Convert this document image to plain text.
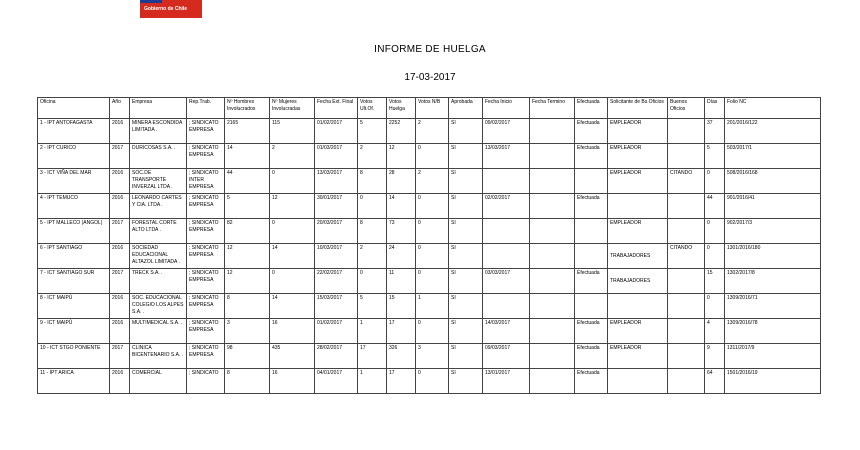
Gobierno de Chile
INFORME DE HUELGA
17-03-2017
Oficina	Año	Empresa	Rep.Trab.	Nº Hombres Involucrados	Nº Mujeres Involucradas	Fecha Ext. Final	Votos Ult.Of.	Votos Huelga	Votos N/B	Aprobada	Fecha Inicio	Fecha Termino	Efectuada	Solicitante de Bs.Oficios	Buenos Oficios	Días	Folio NC
1 - IPT ANTOFAGASTA	2016	MINERA ESCONDIDA LIMITADA .	; SINDICATO EMPRESA	2165	115	01/02/2017	5	2252	2	SI	09/02/2017		Efectuada	EMPLEADOR		37	201/2016/122
2 - IPT CURICO	2017	DURICOSAS S.A. .	; SINDICATO EMPRESA	14	2	01/03/2017	2	12	0	SI	13/03/2017		Efectuada	EMPLEADOR		5	503/2017/1
3 - ICT VIÑA DEL MAR	2016	SOC.DE TRANSPORTE INVERZAL LTDA .	; SINDICATO INTER EMPRESA	44	0	13/03/2017	8	28	2	SI				EMPLEADOR	CITANDO	0	508/2016/168
4 - IPT TEMUCO	2016	LEONARDO CARTES Y CIA. LTDA .	; SINDICATO EMPRESA	5	12	30/01/2017	0	14	0	SI	02/02/2017		Efectuada			44	901/2016/41
5 - IPT MALLECO (ANGOL)	2017	FORESTAL CORTE ALTO LTDA .	; SINDICATO EMPRESA	82	0	20/03/2017	8	73	0	SI				EMPLEADOR		0	902/2017/3
6 - IPT SANTIAGO	2016	SOCIEDAD EDUCACIONAL ALTAZOL LIMITADA .	; SINDICATO EMPRESA	12	14	10/03/2017	2	24	0	SI				TRABAJADORES	CITANDO	0	1301/2016/180
7 - ICT SANTIAGO SUR	2017	TRECK S.A. .	; SINDICATO EMPRESA	12	0	22/02/2017	0	11	0	SI	03/03/2017		Efectuada	TRABAJADORES		15	1302/2017/8
8 - ICT MAIPÚ	2016	SOC. EDUCACIONAL COLEGIO LOS ALPES S.A. .	; SINDICATO EMPRESA	8	14	15/03/2017	5	15	1	SI						0	1309/2016/71
9 - ICT MAIPÚ	2016	MULTIMEDICAL S.A. .	; SINDICATO EMPRESA	3	16	01/02/2017	1	17	0	SI	14/03/2017		Efectuada	EMPLEADOR		4	1309/2016/78
10 - ICT STGO PONIENTE	2017	CLINICA BICENTENARIO S.A. .	; SINDICATO EMPRESA	98	435	28/02/2017	17	326	3	SI	09/03/2017		Efectuada	EMPLEADOR		9	1311/2017/9
11 - IPT ARICA	2016	COMERCIAL	; SINDICATO	8	16	04/01/2017	1	17	0	SI	13/01/2017		Efectuada			64	1501/2016/19
